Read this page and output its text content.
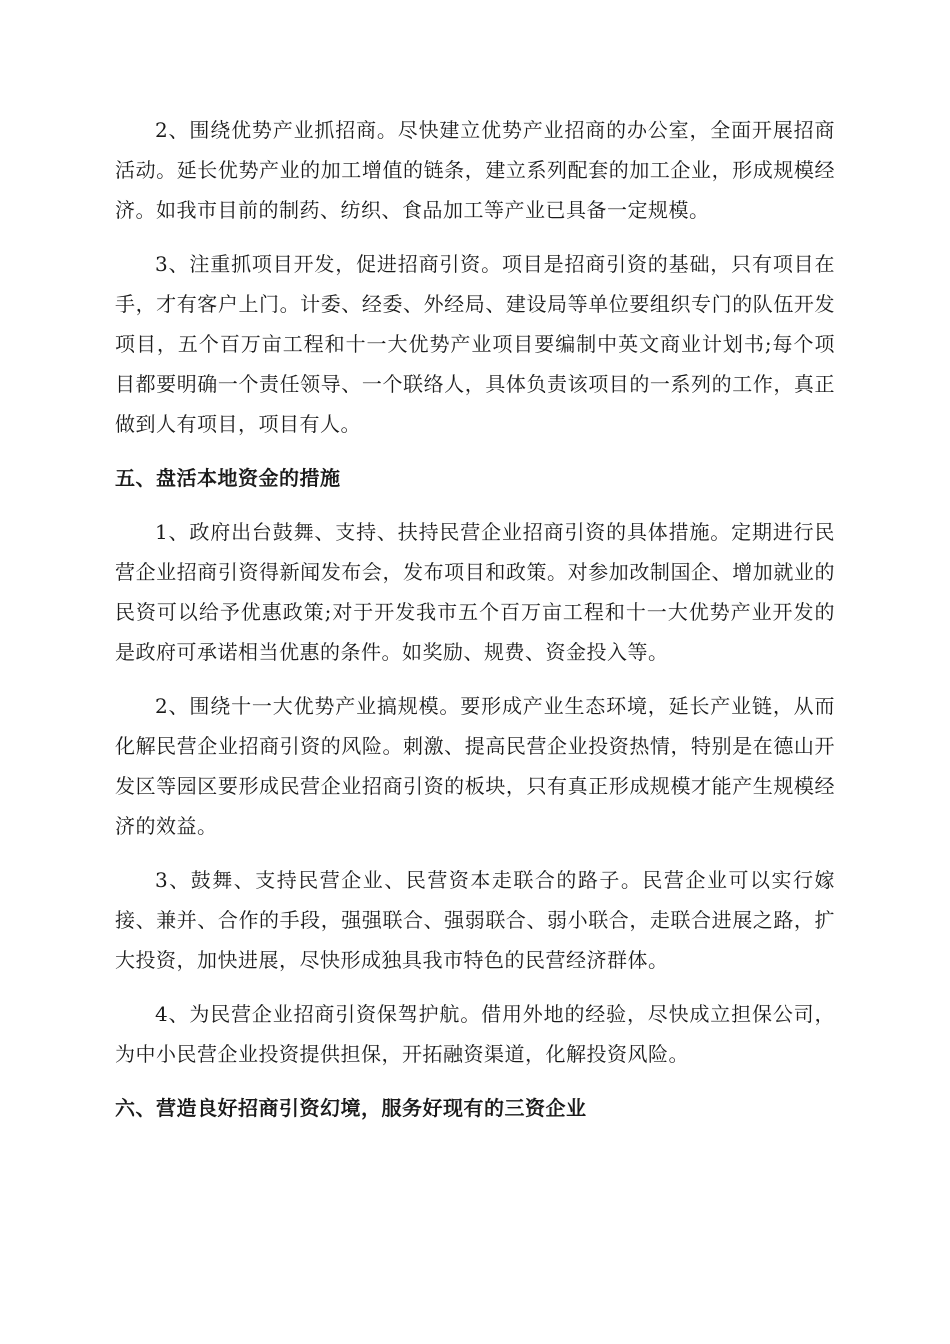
2、围绕优势产业抓招商。尽快建立优势产业招商的办公室，全面开展招商活动。延长优势产业的加工增值的链条，建立系列配套的加工企业，形成规模经济。如我市目前的制药、纺织、食品加工等产业已具备一定规模。

3、注重抓项目开发，促进招商引资。项目是招商引资的基础，只有项目在手，才有客户上门。计委、经委、外经局、建设局等单位要组织专门的队伍开发项目，五个百万亩工程和十一大优势产业项目要编制中英文商业计划书;每个项目都要明确一个责任领导、一个联络人，具体负责该项目的一系列的工作，真正做到人有项目，项目有人。

五、盘活本地资金的措施

1、政府出台鼓舞、支持、扶持民营企业招商引资的具体措施。定期进行民营企业招商引资得新闻发布会，发布项目和政策。对参加改制国企、增加就业的民资可以给予优惠政策;对于开发我市五个百万亩工程和十一大优势产业开发的是政府可承诺相当优惠的条件。如奖励、规费、资金投入等。

2、围绕十一大优势产业搞规模。要形成产业生态环境，延长产业链，从而化解民营企业招商引资的风险。刺激、提高民营企业投资热情，特别是在德山开发区等园区要形成民营企业招商引资的板块，只有真正形成规模才能产生规模经济的效益。

3、鼓舞、支持民营企业、民营资本走联合的路子。民营企业可以实行嫁接、兼并、合作的手段，强强联合、强弱联合、弱小联合，走联合进展之路，扩大投资，加快进展，尽快形成独具我市特色的民营经济群体。

4、为民营企业招商引资保驾护航。借用外地的经验，尽快成立担保公司，为中小民营企业投资提供担保，开拓融资渠道，化解投资风险。

六、营造良好招商引资幻境，服务好现有的三资企业
